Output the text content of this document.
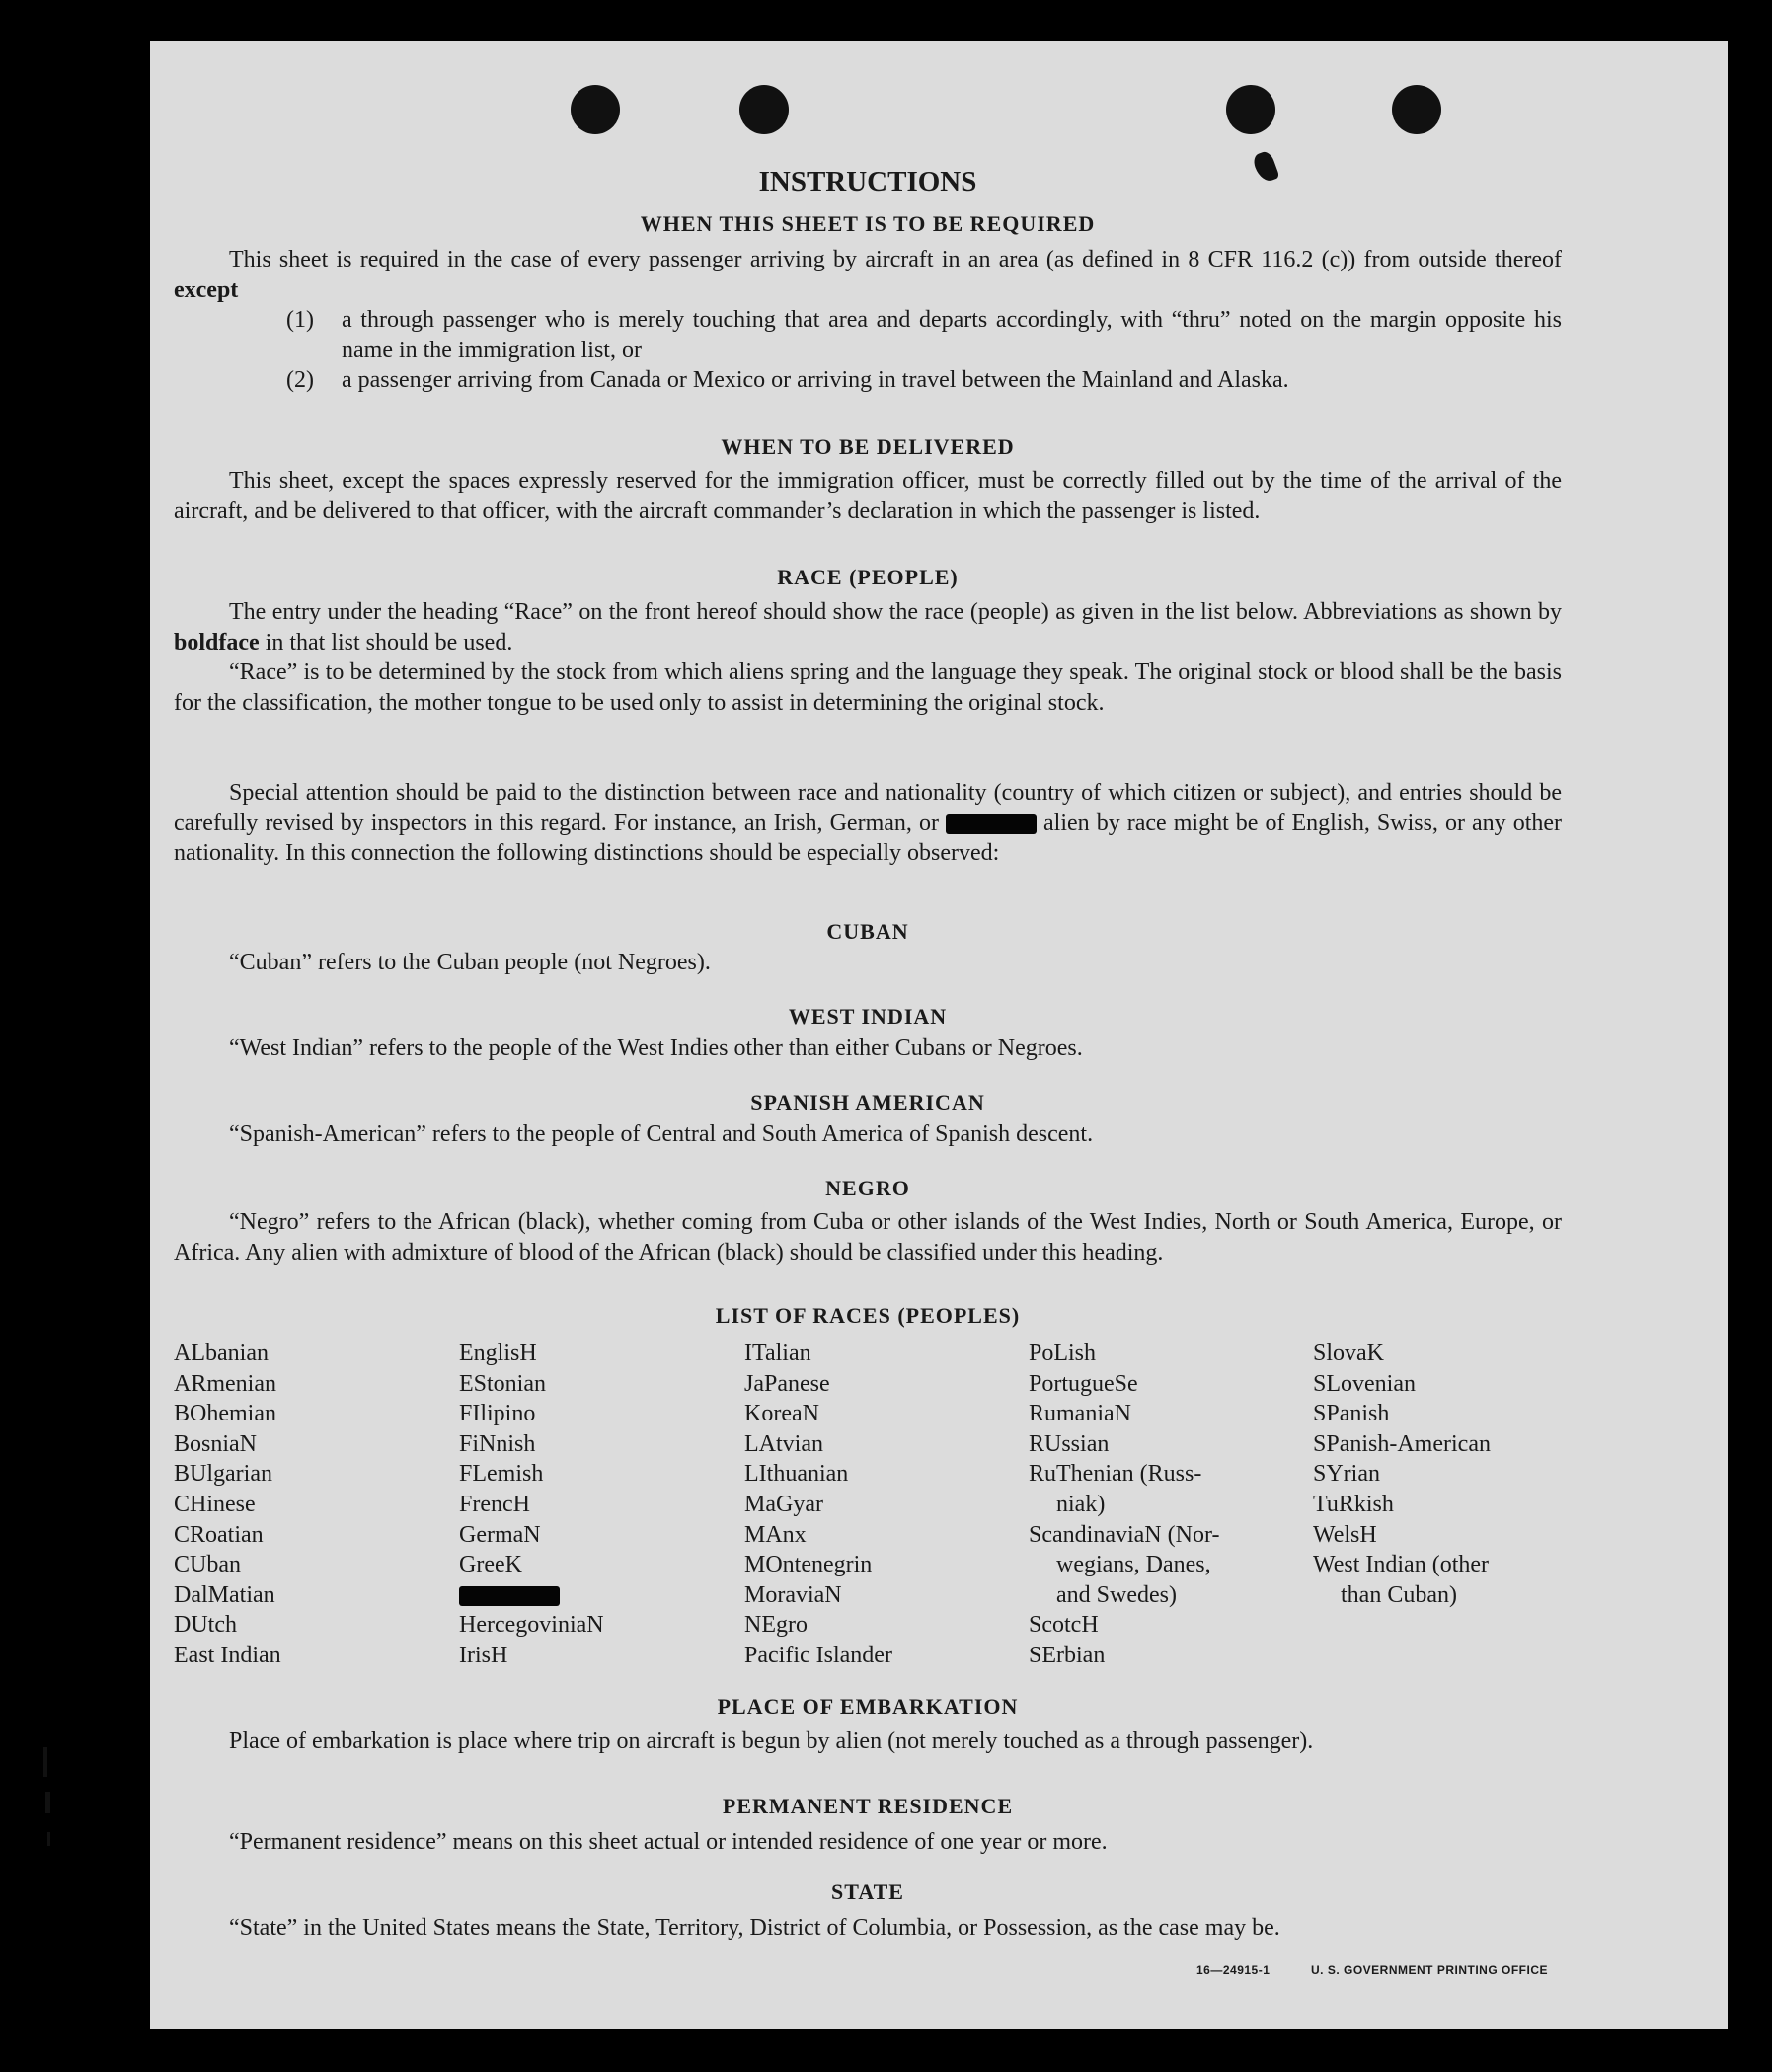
INSTRUCTIONS
WHEN THIS SHEET IS TO BE REQUIRED
This sheet is required in the case of every passenger arriving by aircraft in an area (as defined in 8 CFR 116.2 (c)) from outside thereof except
(1) a through passenger who is merely touching that area and departs accordingly, with “thru” noted on the margin opposite his name in the immigration list, or
(2) a passenger arriving from Canada or Mexico or arriving in travel between the Mainland and Alaska.
WHEN TO BE DELIVERED
This sheet, except the spaces expressly reserved for the immigration officer, must be correctly filled out by the time of the arrival of the aircraft, and be delivered to that officer, with the aircraft commander’s declaration in which the passenger is listed.
RACE (PEOPLE)
The entry under the heading “Race” on the front hereof should show the race (people) as given in the list below. Abbreviations as shown by boldface in that list should be used.
“Race” is to be determined by the stock from which aliens spring and the language they speak. The original stock or blood shall be the basis for the classification, the mother tongue to be used only to assist in determining the original stock.
Special attention should be paid to the distinction between race and nationality (country of which citizen or subject), and entries should be carefully revised by inspectors in this regard. For instance, an Irish, German, or	alien by race might be of English, Swiss, or any other nationality. In this connection the following distinctions should be especially observed:
CUBAN
“Cuban” refers to the Cuban people (not Negroes).
WEST INDIAN
“West Indian” refers to the people of the West Indies other than either Cubans or Negroes.
SPANISH AMERICAN
“Spanish-American” refers to the people of Central and South America of Spanish descent.
NEGRO
“Negro” refers to the African (black), whether coming from Cuba or other islands of the West Indies, North or South America, Europe, or Africa. Any alien with admixture of blood of the African (black) should be classified under this heading.
LIST OF RACES (PEOPLES)
ALbanian
ARmenian
BOhemian
BosniaN
BUlgarian
CHinese
CRoatian
CUban
DalMatian
DUtch
East Indian
EnglisH
EStonian
FIlipino
FiNnish
FLemish
FrencH
GermaN
GreeK
HercegoviniaN
IrisH
ITalian
JaPanese
KoreaN
LAtvian
LIthuanian
MaGyar
MAnx
MOntenegrin
MoraviaN
NEgro
Pacific Islander
PoLish
PortugueSe
RumaniaN
RUssian
RuThenian (Russ-
niak)
ScandinaviaN (Nor-
wegians, Danes,
and Swedes)
ScotcH
SErbian
SlovaK
SLovenian
SPanish
SPanish-American
SYrian
TuRkish
WelsH
West Indian (other
than Cuban)
PLACE OF EMBARKATION
Place of embarkation is place where trip on aircraft is begun by alien (not merely touched as a through passenger).
PERMANENT RESIDENCE
“Permanent residence” means on this sheet actual or intended residence of one year or more.
STATE
“State” in the United States means the State, Territory, District of Columbia, or Possession, as the case may be.
16—24915-1	U. S. GOVERNMENT PRINTING OFFICE
